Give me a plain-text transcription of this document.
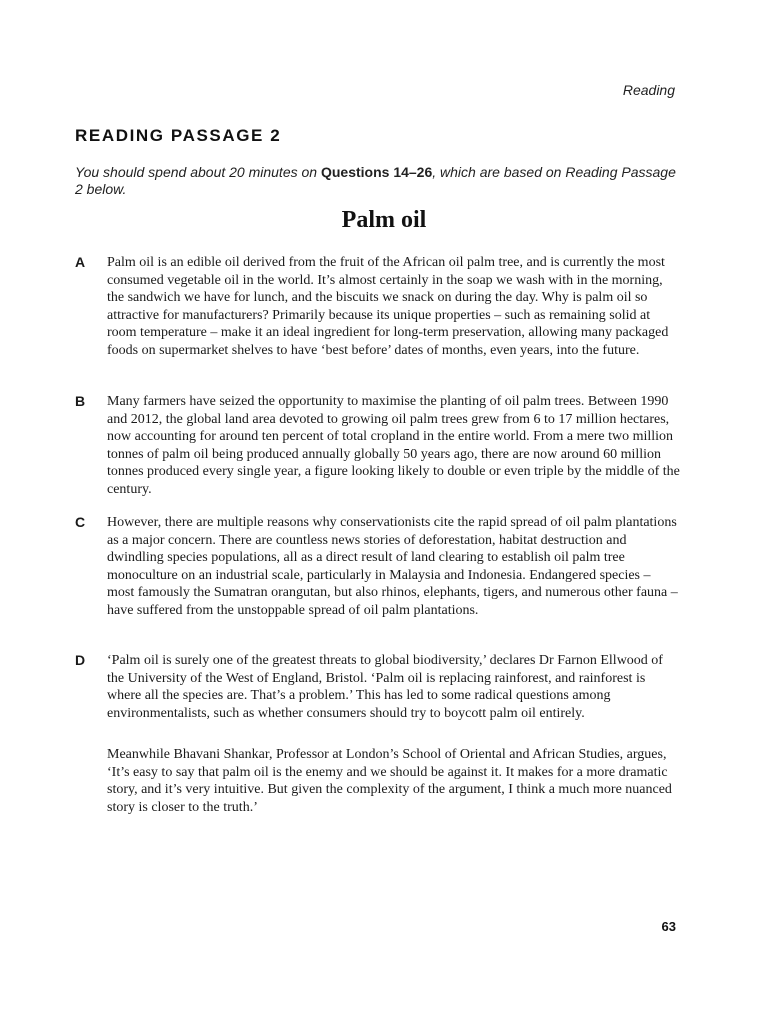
Reading
READING PASSAGE 2

You should spend about 20 minutes on Questions 14–26, which are based on Reading Passage 2 below.

Palm oil
A Palm oil is an edible oil derived from the fruit of the African oil palm tree, and is currently the most consumed vegetable oil in the world. It’s almost certainly in the soap we wash with in the morning, the sandwich we have for lunch, and the biscuits we snack on during the day. Why is palm oil so attractive for manufacturers? Primarily because its unique properties – such as remaining solid at room temperature – make it an ideal ingredient for long-term preservation, allowing many packaged foods on supermarket shelves to have ‘best before’ dates of months, even years, into the future.
B Many farmers have seized the opportunity to maximise the planting of oil palm trees. Between 1990 and 2012, the global land area devoted to growing oil palm trees grew from 6 to 17 million hectares, now accounting for around ten percent of total cropland in the entire world. From a mere two million tonnes of palm oil being produced annually globally 50 years ago, there are now around 60 million tonnes produced every single year, a figure looking likely to double or even triple by the middle of the century.
C However, there are multiple reasons why conservationists cite the rapid spread of oil palm plantations as a major concern. There are countless news stories of deforestation, habitat destruction and dwindling species populations, all as a direct result of land clearing to establish oil palm tree monoculture on an industrial scale, particularly in Malaysia and Indonesia. Endangered species – most famously the Sumatran orangutan, but also rhinos, elephants, tigers, and numerous other fauna – have suffered from the unstoppable spread of oil palm plantations.
D ‘Palm oil is surely one of the greatest threats to global biodiversity,’ declares Dr Farnon Ellwood of the University of the West of England, Bristol. ‘Palm oil is replacing rainforest, and rainforest is where all the species are. That’s a problem.’ This has led to some radical questions among environmentalists, such as whether consumers should try to boycott palm oil entirely.
Meanwhile Bhavani Shankar, Professor at London’s School of Oriental and African Studies, argues, ‘It’s easy to say that palm oil is the enemy and we should be against it. It makes for a more dramatic story, and it’s very intuitive. But given the complexity of the argument, I think a much more nuanced story is closer to the truth.’
63
